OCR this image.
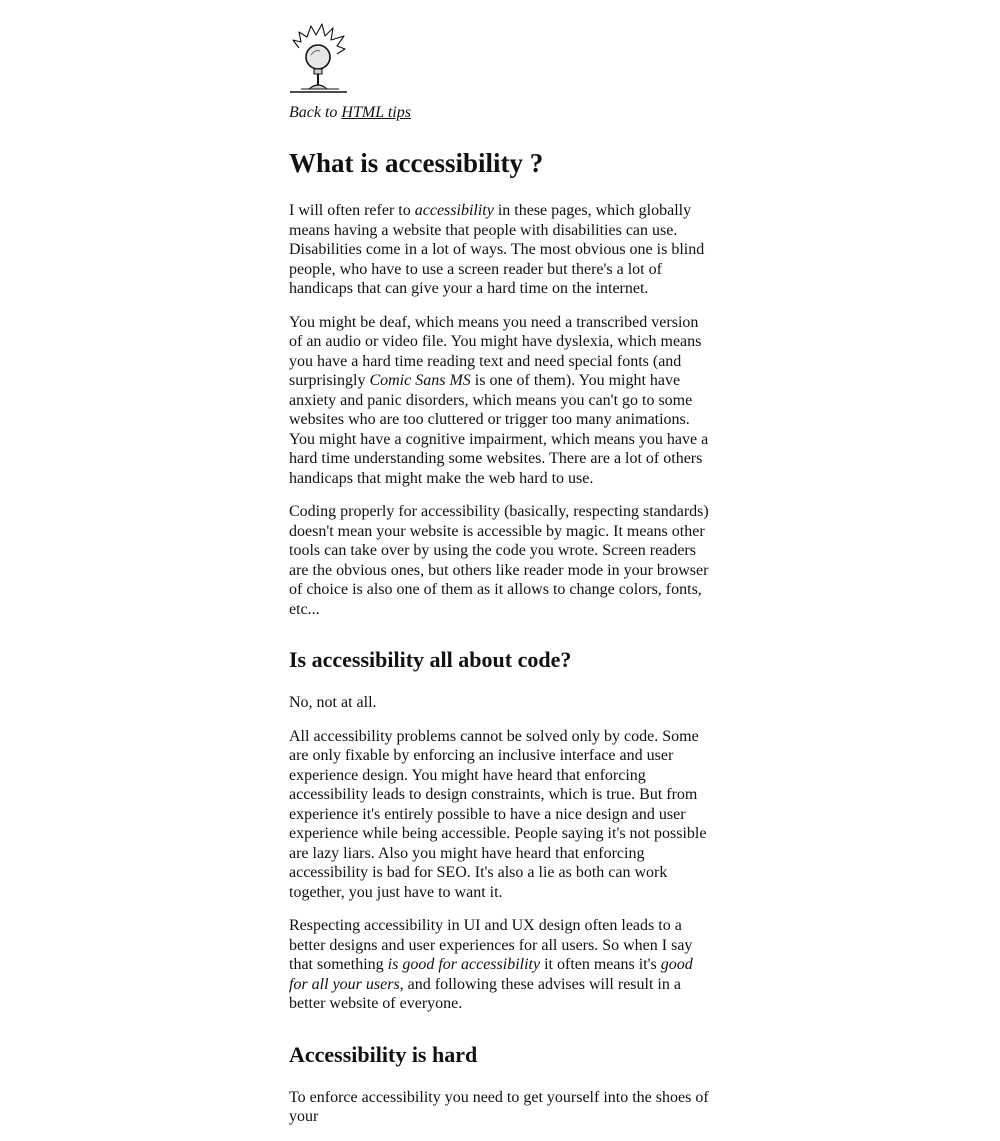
Back to HTML tips

What is accessibility ?

I will often refer to accessibility in these pages, which globally means having a website that people with disabilities can use. Disabilities come in a lot of ways. The most obvious one is blind people, who have to use a screen reader but there's a lot of handicaps that can give your a hard time on the internet.

You might be deaf, which means you need a transcribed version of an audio or video file. You might have dyslexia, which means you have a hard time reading text and need special fonts (and surprisingly Comic Sans MS is one of them). You might have anxiety and panic disorders, which means you can't go to some websites who are too cluttered or trigger too many animations. You might have a cognitive impairment, which means you have a hard time understanding some websites. There are a lot of others handicaps that might make the web hard to use.

Coding properly for accessibility (basically, respecting standards) doesn't mean your website is accessible by magic. It means other tools can take over by using the code you wrote. Screen readers are the obvious ones, but others like reader mode in your browser of choice is also one of them as it allows to change colors, fonts, etc...

Is accessibility all about code?

No, not at all.

All accessibility problems cannot be solved only by code. Some are only fixable by enforcing an inclusive interface and user experience design. You might have heard that enforcing accessibility leads to design constraints, which is true. But from experience it's entirely possible to have a nice design and user experience while being accessible. People saying it's not possible are lazy liars. Also you might have heard that enforcing accessibility is bad for SEO. It's also a lie as both can work together, you just have to want it.

Respecting accessibility in UI and UX design often leads to a better designs and user experiences for all users. So when I say that something is good for accessibility it often means it's good for all your users, and following these advises will result in a better website of everyone.

Accessibility is hard

To enforce accessibility you need to get yourself into the shoes of your
